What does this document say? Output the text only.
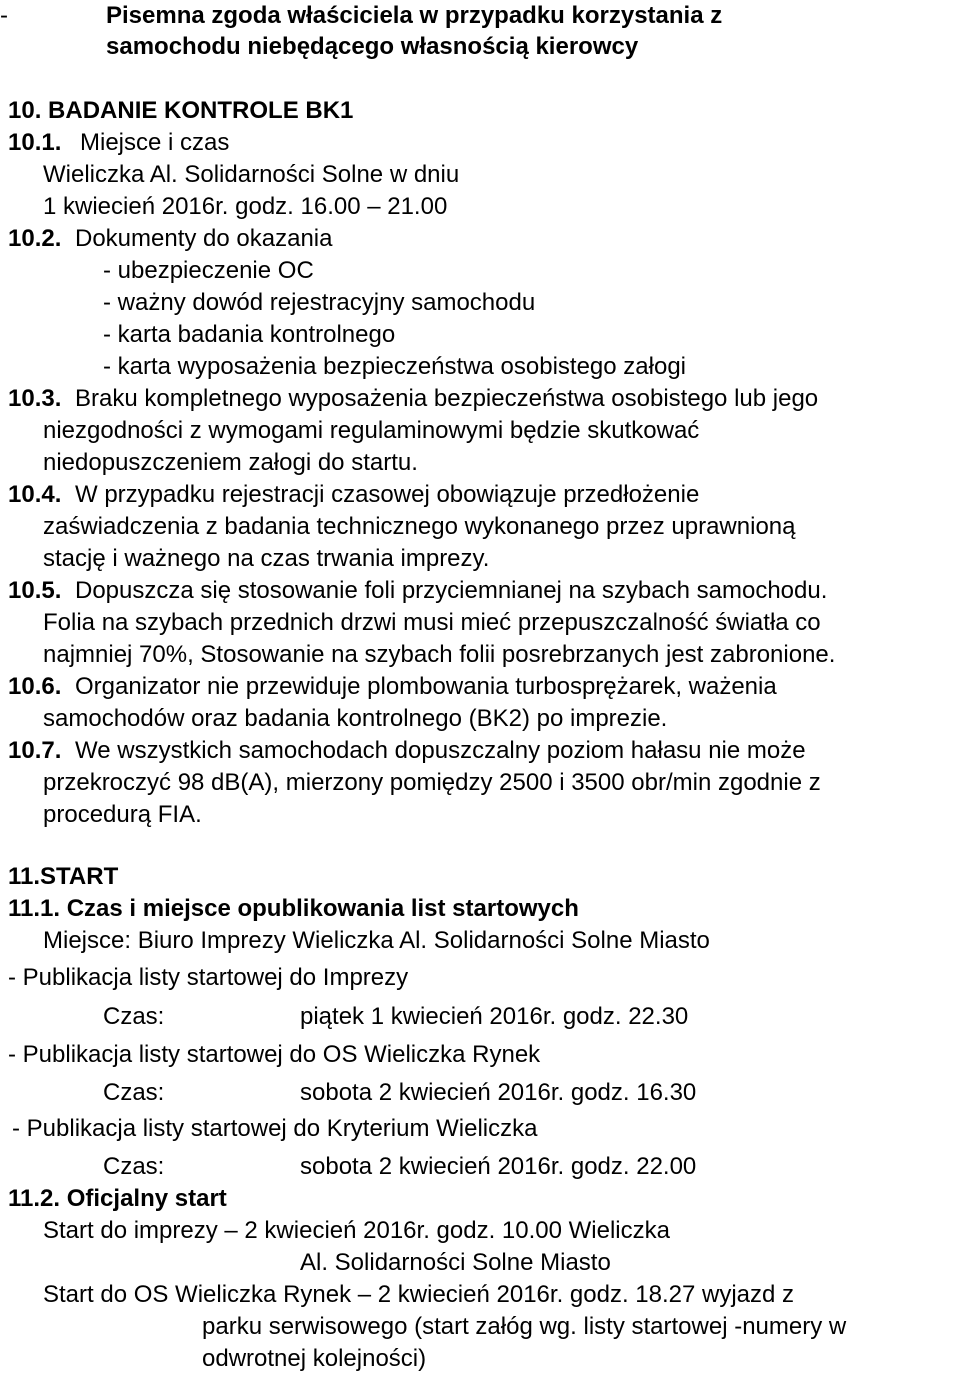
-	Pisemna zgoda właściciela w przypadku korzystania z
samochodu niebędącego własnością kierowcy
10. BADANIE KONTROLE BK1
10.1. Miejsce i czas
Wieliczka Al. Solidarności Solne w dniu
1 kwiecień 2016r. godz. 16.00 – 21.00
10.2. Dokumenty do okazania
- ubezpieczenie OC
- ważny dowód rejestracyjny samochodu
- karta badania kontrolnego
- karta wyposażenia bezpieczeństwa osobistego załogi
10.3. Braku kompletnego wyposażenia bezpieczeństwa osobistego lub jego
niezgodności z wymogami regulaminowymi będzie skutkować
niedopuszczeniem załogi do startu.
10.4. W przypadku rejestracji czasowej obowiązuje przedłożenie
zaświadczenia z badania technicznego wykonanego przez uprawnioną
stację i ważnego na czas trwania imprezy.
10.5. Dopuszcza się stosowanie foli przyciemnianej na szybach samochodu.
Folia na szybach przednich drzwi musi mieć przepuszczalność światła co
najmniej 70%, Stosowanie na szybach folii posrebrzanych jest zabronione.
10.6. Organizator nie przewiduje plombowania turbosprężarek, ważenia
samochodów oraz badania kontrolnego (BK2) po imprezie.
10.7. We wszystkich samochodach dopuszczalny poziom hałasu nie może
przekroczyć 98 dB(A), mierzony pomiędzy 2500 i 3500 obr/min zgodnie z
procedurą FIA.
11.START
11.1. Czas i miejsce opublikowania list startowych
Miejsce: Biuro Imprezy Wieliczka Al. Solidarności Solne Miasto
- Publikacja listy startowej do Imprezy
Czas:	piątek 1 kwiecień 2016r. godz. 22.30
- Publikacja listy startowej do OS Wieliczka Rynek
Czas:	sobota 2 kwiecień 2016r. godz. 16.30
- Publikacja listy startowej do Kryterium Wieliczka
Czas:	sobota 2 kwiecień 2016r. godz. 22.00
11.2. Oficjalny start
Start do imprezy – 2 kwiecień 2016r. godz. 10.00 Wieliczka
Al. Solidarności Solne Miasto
Start do OS Wieliczka Rynek – 2 kwiecień 2016r. godz. 18.27 wyjazd z
parku serwisowego (start załóg wg. listy startowej -numery w
odwrotnej kolejności)
